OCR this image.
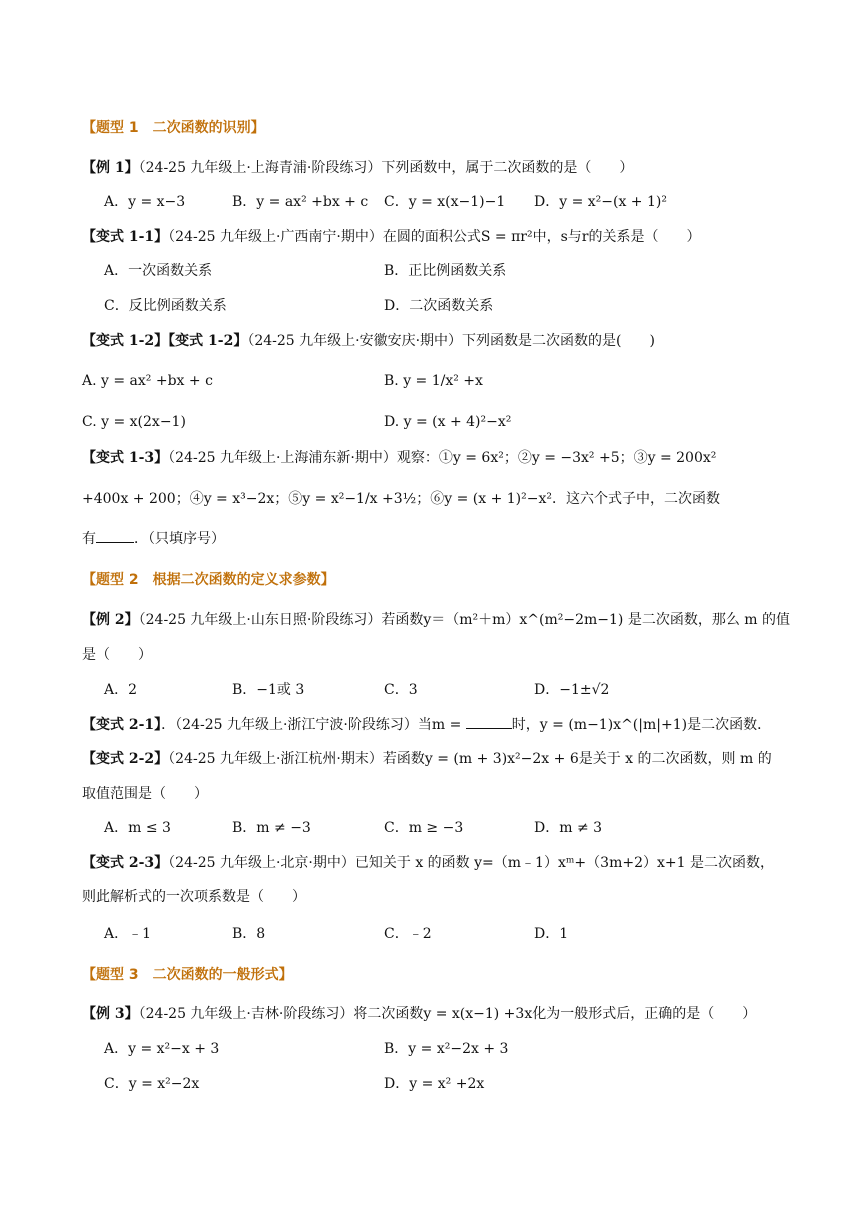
【题型 1　二次函数的识别】
【例 1】（24-25 九年级上·上海青浦·阶段练习）下列函数中，属于二次函数的是（　　）
A．y = x−3	B．y = ax² +bx + c C．y = x(x−1)−1 D．y = x²−(x + 1)²
【变式 1-1】（24-25 九年级上·广西南宁·期中）在圆的面积公式S = πr²中，s与r的关系是（　　）
A．一次函数关系	B．正比例函数关系
C．反比例函数关系	D．二次函数关系
【变式 1-2】【变式 1-2】（24-25 九年级上·安徽安庆·期中）下列函数是二次函数的是(　　)
A. y = ax² +bx + c	B. y = 1/x² +x
C. y = x(2x−1)	D. y = (x + 4)²−x²
【变式 1-3】（24-25 九年级上·上海浦东新·期中）观察：①y = 6x²；②y = −3x² +5；③y = 200x²
+400x + 200；④y = x³−2x；⑤y = x²−1/x +3½；⑥y = (x + 1)²−x²．这六个式子中，二次函数
有	．（只填序号）
【题型 2　根据二次函数的定义求参数】
【例 2】（24-25 九年级上·山东日照·阶段练习）若函数y＝（m²＋m）x^(m²−2m−1) 是二次函数，那么 m 的值
是（　　）
A．2	B．−1或 3	C．3	D．−1±√2
【变式 2-1】．（24-25 九年级上·浙江宁波·阶段练习）当m =	时，y = (m−1)x^(|m|+1)是二次函数．
【变式 2-2】（24-25 九年级上·浙江杭州·期末）若函数y = (m + 3)x²−2x + 6是关于 x 的二次函数，则 m 的
取值范围是（　　）
A．m ≤ 3	B．m ≠ −3	C．m ≥ −3	D．m ≠ 3
【变式 2-3】（24-25 九年级上·北京·期中）已知关于 x 的函数 y=（m﹣1）xᵐ+（3m+2）x+1 是二次函数，
则此解析式的一次项系数是（　　）
A．﹣1	B．8	C．﹣2	D．1
【题型 3　二次函数的一般形式】
【例 3】（24-25 九年级上·吉林·阶段练习）将二次函数y = x(x−1) +3x化为一般形式后，正确的是（　　）
A．y = x²−x + 3	B．y = x²−2x + 3
C．y = x²−2x	D．y = x² +2x
